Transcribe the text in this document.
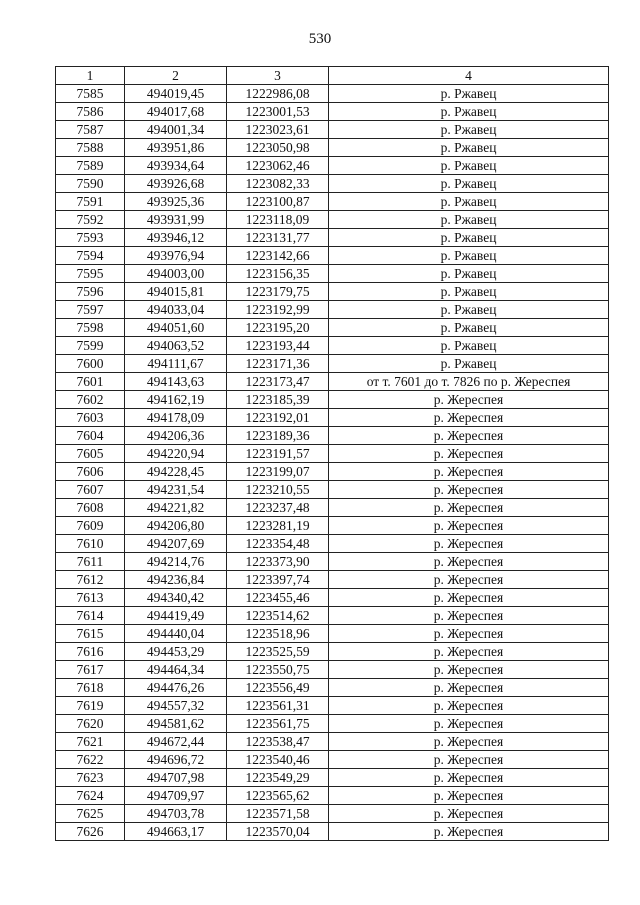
530
1	2	3	4
7585	494019,45	1222986,08	р. Ржавец
7586	494017,68	1223001,53	р. Ржавец
7587	494001,34	1223023,61	р. Ржавец
7588	493951,86	1223050,98	р. Ржавец
7589	493934,64	1223062,46	р. Ржавец
7590	493926,68	1223082,33	р. Ржавец
7591	493925,36	1223100,87	р. Ржавец
7592	493931,99	1223118,09	р. Ржавец
7593	493946,12	1223131,77	р. Ржавец
7594	493976,94	1223142,66	р. Ржавец
7595	494003,00	1223156,35	р. Ржавец
7596	494015,81	1223179,75	р. Ржавец
7597	494033,04	1223192,99	р. Ржавец
7598	494051,60	1223195,20	р. Ржавец
7599	494063,52	1223193,44	р. Ржавец
7600	494111,67	1223171,36	р. Ржавец
7601	494143,63	1223173,47	от т. 7601 до т. 7826 по р. Жереспея
7602	494162,19	1223185,39	р. Жереспея
7603	494178,09	1223192,01	р. Жереспея
7604	494206,36	1223189,36	р. Жереспея
7605	494220,94	1223191,57	р. Жереспея
7606	494228,45	1223199,07	р. Жереспея
7607	494231,54	1223210,55	р. Жереспея
7608	494221,82	1223237,48	р. Жереспея
7609	494206,80	1223281,19	р. Жереспея
7610	494207,69	1223354,48	р. Жереспея
7611	494214,76	1223373,90	р. Жереспея
7612	494236,84	1223397,74	р. Жереспея
7613	494340,42	1223455,46	р. Жереспея
7614	494419,49	1223514,62	р. Жереспея
7615	494440,04	1223518,96	р. Жереспея
7616	494453,29	1223525,59	р. Жереспея
7617	494464,34	1223550,75	р. Жереспея
7618	494476,26	1223556,49	р. Жереспея
7619	494557,32	1223561,31	р. Жереспея
7620	494581,62	1223561,75	р. Жереспея
7621	494672,44	1223538,47	р. Жереспея
7622	494696,72	1223540,46	р. Жереспея
7623	494707,98	1223549,29	р. Жереспея
7624	494709,97	1223565,62	р. Жереспея
7625	494703,78	1223571,58	р. Жереспея
7626	494663,17	1223570,04	р. Жереспея
